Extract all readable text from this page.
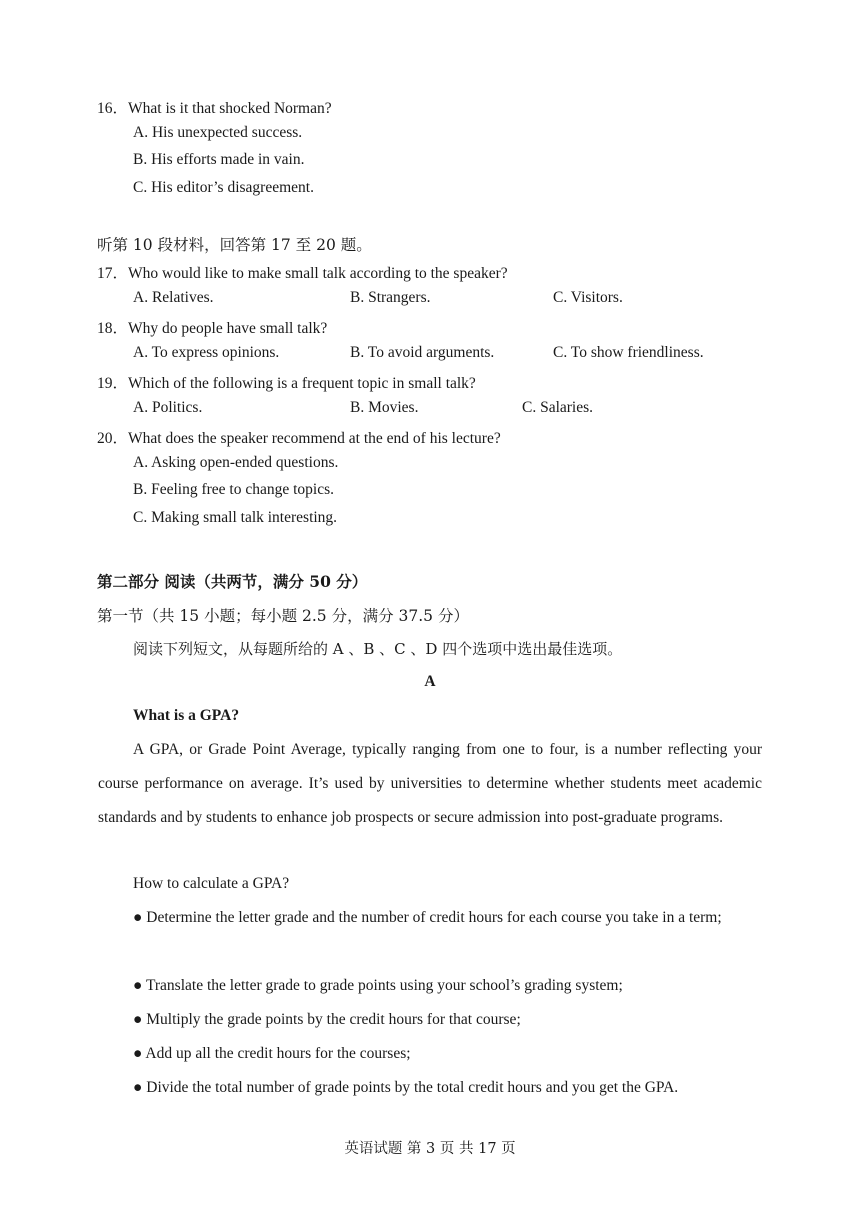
16．What is it that shocked Norman?
A. His unexpected success.
B. His efforts made in vain.
C. His editor’s disagreement.
听第 10 段材料，回答第 17 至 20 题。
17．Who would like to make small talk according to the speaker?
A. Relatives.	B. Strangers.	C. Visitors.
18．Why do people have small talk?
A. To express opinions.	B. To avoid arguments.	C. To show friendliness.
19．Which of the following is a frequent topic in small talk?
A. Politics.	B. Movies.	C. Salaries.
20．What does the speaker recommend at the end of his lecture?
A. Asking open-ended questions.
B. Feeling free to change topics.
C. Making small talk interesting.
第二部分 阅读（共两节，满分 50 分）
第一节（共 15 小题；每小题 2.5 分，满分 37.5 分）
阅读下列短文，从每题所给的 A 、B 、C 、D 四个选项中选出最佳选项。
A
What is a GPA?

A GPA, or Grade Point Average, typically ranging from one to four, is a number reflecting your course performance on average. It’s used by universities to determine whether students meet academic standards and by students to enhance job prospects or secure admission into post-graduate programs.

How to calculate a GPA?

● Determine the letter grade and the number of credit hours for each course you take in a term;

● Translate the letter grade to grade points using your school’s grading system;
● Multiply the grade points by the credit hours for that course;
● Add up all the credit hours for the courses;
● Divide the total number of grade points by the total credit hours and you get the GPA.
英语试题 第 3 页 共 17 页
